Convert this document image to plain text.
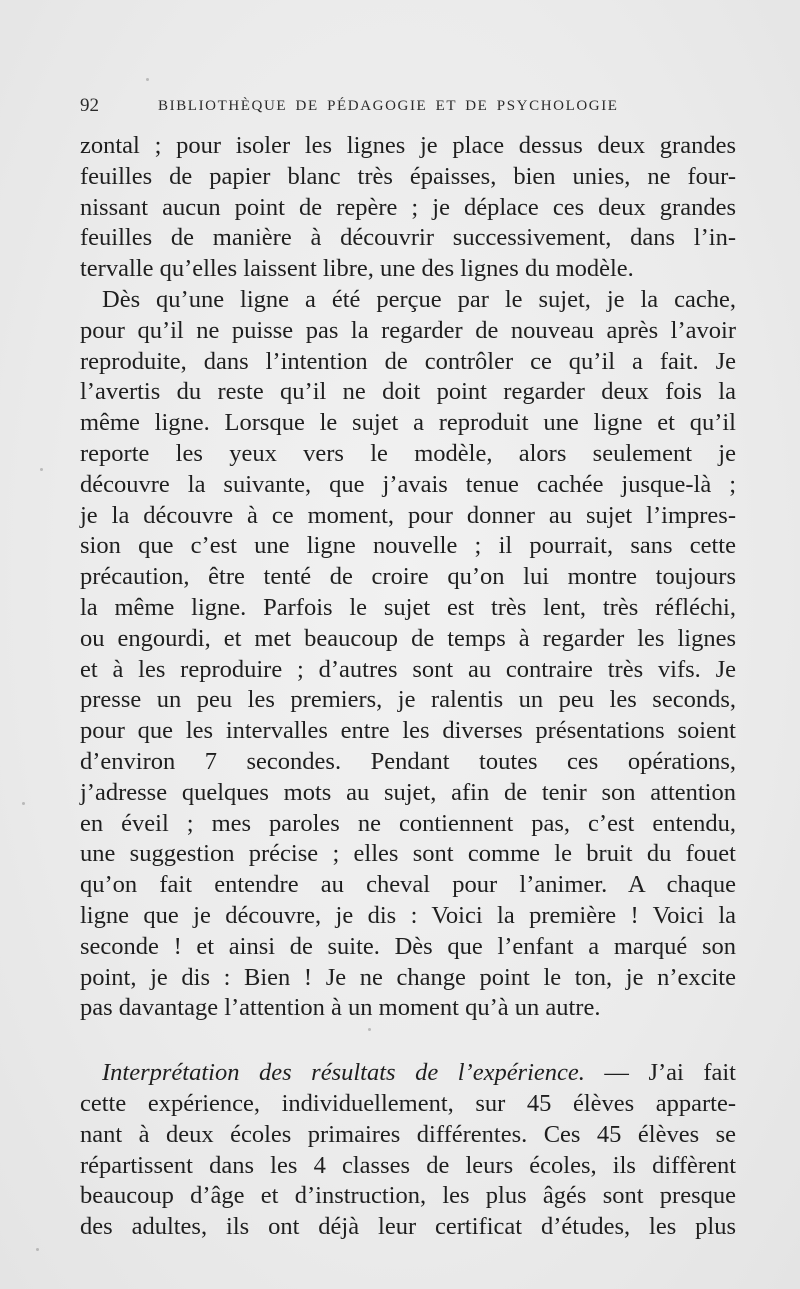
92	BIBLIOTHÈQUE DE PÉDAGOGIE ET DE PSYCHOLOGIE
zontal ; pour isoler les lignes je place dessus deux grandes
feuilles de papier blanc très épaisses, bien unies, ne four-
nissant aucun point de repère ; je déplace ces deux grandes
feuilles de manière à découvrir successivement, dans l’in-
tervalle qu’elles laissent libre, une des lignes du modèle.
Dès qu’une ligne a été perçue par le sujet, je la cache,
pour qu’il ne puisse pas la regarder de nouveau après l’avoir
reproduite, dans l’intention de contrôler ce qu’il a fait. Je
l’avertis du reste qu’il ne doit point regarder deux fois la
même ligne. Lorsque le sujet a reproduit une ligne et qu’il
reporte les yeux vers le modèle, alors seulement je
découvre la suivante, que j’avais tenue cachée jusque-là ;
je la découvre à ce moment, pour donner au sujet l’impres-
sion que c’est une ligne nouvelle ; il pourrait, sans cette
précaution, être tenté de croire qu’on lui montre toujours
la même ligne. Parfois le sujet est très lent, très réfléchi,
ou engourdi, et met beaucoup de temps à regarder les lignes
et à les reproduire ; d’autres sont au contraire très vifs. Je
presse un peu les premiers, je ralentis un peu les seconds,
pour que les intervalles entre les diverses présentations soient
d’environ 7 secondes. Pendant toutes ces opérations,
j’adresse quelques mots au sujet, afin de tenir son attention
en éveil ; mes paroles ne contiennent pas, c’est entendu,
une suggestion précise ; elles sont comme le bruit du fouet
qu’on fait entendre au cheval pour l’animer. A chaque
ligne que je découvre, je dis : Voici la première ! Voici la
seconde ! et ainsi de suite. Dès que l’enfant a marqué son
point, je dis : Bien ! Je ne change point le ton, je n’excite
pas davantage l’attention à un moment qu’à un autre.
Interprétation des résultats de l’expérience. — J’ai fait
cette expérience, individuellement, sur 45 élèves apparte-
nant à deux écoles primaires différentes. Ces 45 élèves se
répartissent dans les 4 classes de leurs écoles, ils diffèrent
beaucoup d’âge et d’instruction, les plus âgés sont presque
des adultes, ils ont déjà leur certificat d’études, les plus
